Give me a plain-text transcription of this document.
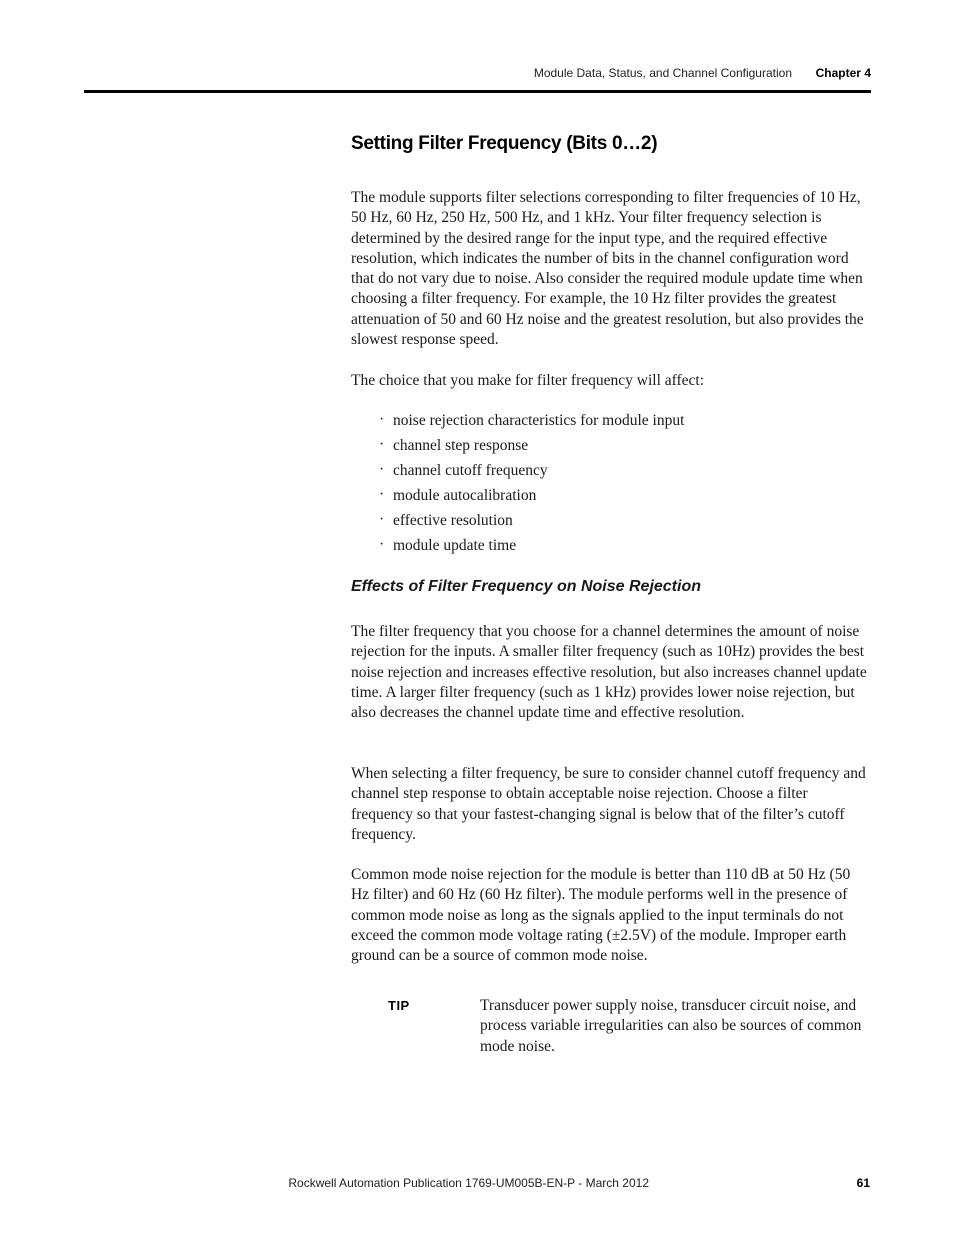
Module Data, Status, and Channel Configuration Chapter 4
Setting Filter Frequency (Bits 0…2)

The module supports filter selections corresponding to filter frequencies of 10 Hz, 50 Hz, 60 Hz, 250 Hz, 500 Hz, and 1 kHz. Your filter frequency selection is determined by the desired range for the input type, and the required effective resolution, which indicates the number of bits in the channel configuration word that do not vary due to noise. Also consider the required module update time when choosing a filter frequency. For example, the 10 Hz filter provides the greatest attenuation of 50 and 60 Hz noise and the greatest resolution, but also provides the slowest response speed.

The choice that you make for filter frequency will affect:

· noise rejection characteristics for module input
· channel step response
· channel cutoff frequency
· module autocalibration
· effective resolution
· module update time
Effects of Filter Frequency on Noise Rejection

The filter frequency that you choose for a channel determines the amount of noise rejection for the inputs. A smaller filter frequency (such as 10Hz) provides the best noise rejection and increases effective resolution, but also increases channel update time. A larger filter frequency (such as 1 kHz) provides lower noise rejection, but also decreases the channel update time and effective resolution.

When selecting a filter frequency, be sure to consider channel cutoff frequency and channel step response to obtain acceptable noise rejection. Choose a filter frequency so that your fastest-changing signal is below that of the filter’s cutoff frequency.

Common mode noise rejection for the module is better than 110 dB at 50 Hz (50 Hz filter) and 60 Hz (60 Hz filter). The module performs well in the presence of common mode noise as long as the signals applied to the input terminals do not exceed the common mode voltage rating (±2.5V) of the module. Improper earth ground can be a source of common mode noise.

TIP	Transducer power supply noise, transducer circuit noise, and process variable irregularities can also be sources of common mode noise.

Rockwell Automation Publication 1769-UM005B-EN-P - March 2012	61
